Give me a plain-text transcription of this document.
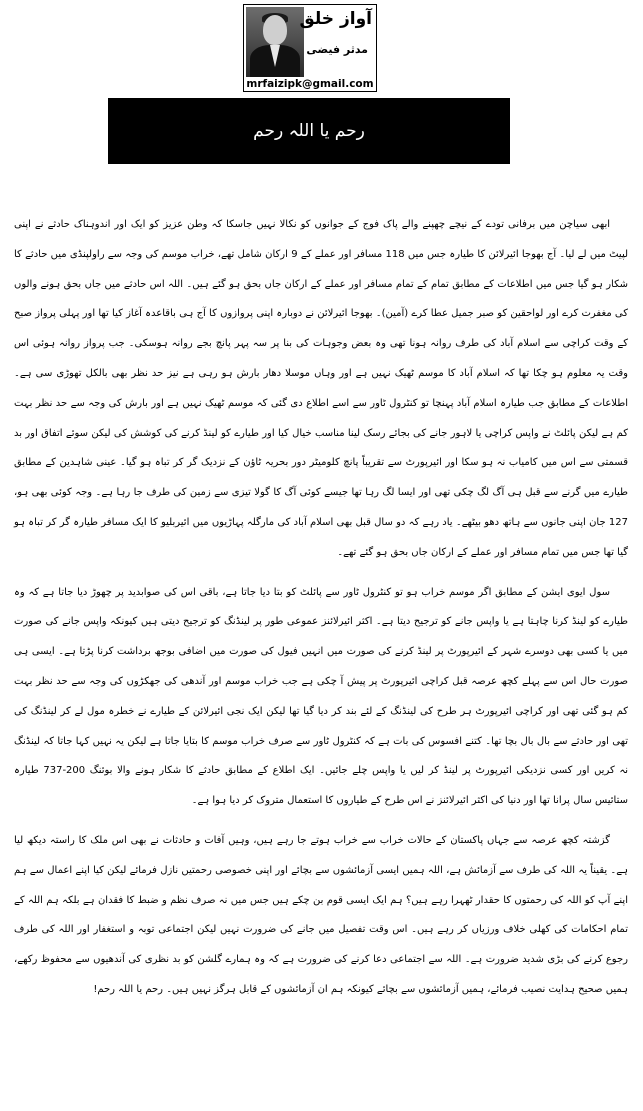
آواز خلق
مدثر فیضی
mrfaizipk@gmail.com
رحم یا اللہ رحم

ابھی سیاچن میں برفانی تودے کے نیچے چھپنے والے پاک فوج کے جوانوں کو نکالا نہیں جاسکا کہ وطن عزیز کو ایک اور اندوہناک حادثے نے اپنی لپیٹ میں لے لیا۔ آج بھوجا ائیرلائن کا طیارہ جس میں 118 مسافر اور عملے کے 9 ارکان شامل تھے، خراب موسم کی وجہ سے راولپنڈی میں حادثے کا شکار ہو گیا جس میں اطلاعات کے مطابق تمام کے تمام مسافر اور عملے کے ارکان جاں بحق ہو گئے ہیں۔ اللہ اس حادثے میں جاں بحق ہونے والوں کی مغفرت کرے اور لواحقین کو صبر جمیل عطا کرے (آمین)۔ بھوجا ائیرلائن نے دوبارہ اپنی پروازوں کا آج ہی باقاعدہ آغاز کیا تھا اور پہلی پرواز صبح کے وقت کراچی سے اسلام آباد کی طرف روانہ ہونا تھی وہ بعض وجوہات کی بنا پر سہ پہر پانچ بجے روانہ ہوسکی۔ جب پرواز روانہ ہوئی اس وقت یہ معلوم ہو چکا تھا کہ اسلام آباد کا موسم ٹھیک نہیں ہے اور وہاں موسلا دھار بارش ہو رہی ہے نیز حد نظر بھی بالکل تھوڑی سی ہے۔ اطلاعات کے مطابق جب طیارہ اسلام آباد پہنچا تو کنٹرول ٹاور سے اسے اطلاع دی گئی کہ موسم ٹھیک نہیں ہے اور بارش کی وجہ سے حد نظر بہت کم ہے لیکن پائلٹ نے واپس کراچی یا لاہور جانے کی بجائے رسک لینا مناسب خیال کیا اور طیارے کو لینڈ کرنے کی کوشش کی لیکن سوئے اتفاق اور بد قسمتی سے اس میں کامیاب نہ ہو سکا اور ائیرپورٹ سے تقریباً پانچ کلومیٹر دور بحریہ ٹاؤن کے نزدیک گر کر تباہ ہو گیا۔ عینی شاہدین کے مطابق طیارے میں گرنے سے قبل ہی آگ لگ چکی تھی اور ایسا لگ رہا تھا جیسے کوئی آگ کا گولا تیزی سے زمین کی طرف جا رہا ہے۔ وجہ کوئی بھی ہو، 127 جان اپنی جانوں سے ہاتھ دھو بیٹھے۔ یاد رہے کہ دو سال قبل بھی اسلام آباد کی مارگلہ پہاڑیوں میں ائیربلیو کا ایک مسافر طیارہ گر کر تباہ ہو گیا تھا جس میں تمام مسافر اور عملے کے ارکان جاں بحق ہو گئے تھے۔

سول ایوی ایشن کے مطابق اگر موسم خراب ہو تو کنٹرول ٹاور سے پائلٹ کو بتا دیا جاتا ہے، باقی اس کی صوابدید پر چھوڑ دیا جاتا ہے کہ وہ طیارے کو لینڈ کرنا چاہتا ہے یا واپس جانے کو ترجیح دیتا ہے۔ اکثر ائیرلائنز عموعی طور پر لینڈنگ کو ترجیح دیتی ہیں کیونکہ واپس جانے کی صورت میں یا کسی بھی دوسرے شہر کے ائیرپورٹ پر لینڈ کرنے کی صورت میں انہیں فیول کی صورت میں اضافی بوجھ برداشت کرنا پڑتا ہے۔ ایسی ہی صورت حال اس سے پہلے کچھ عرصہ قبل کراچی ائیرپورٹ پر پیش آ چکی ہے جب خراب موسم اور آندھی کی جھکڑوں کی وجہ سے حد نظر بہت کم ہو گئی تھی اور کراچی ائیرپورٹ ہر طرح کی لینڈنگ کے لئے بند کر دیا گیا تھا لیکن ایک نجی ائیرلائن کے طیارے نے خطرہ مول لے کر لینڈنگ کی تھی اور حادثے سے بال بال بچا تھا۔ کتنے افسوس کی بات ہے کہ کنٹرول ٹاور سے صرف خراب موسم کا بتایا جاتا ہے لیکن یہ نہیں کہا جاتا کہ لینڈنگ نہ کریں اور کسی نزدیکی ائیرپورٹ پر لینڈ کر لیں یا واپس چلے جائیں۔ ایک اطلاع کے مطابق حادثے کا شکار ہونے والا بوئنگ 200-737 طیارہ ستائیس سال پرانا تھا اور دنیا کی اکثر ائیرلائنز نے اس طرح کے طیاروں کا استعمال متروک کر دیا ہوا ہے۔

گزشتہ کچھ عرصہ سے جہاں پاکستان کے حالات خراب سے خراب ہوتے جا رہے ہیں، وہیں آفات و حادثات نے بھی اس ملک کا راستہ دیکھ لیا ہے۔ یقیناً یہ اللہ کی طرف سے آزمائش ہے، اللہ ہمیں ایسی آزمائشوں سے بچائے اور اپنی خصوصی رحمتیں نازل فرمائے لیکن کیا اپنے اعمال سے ہم اپنے آپ کو اللہ کی رحمتوں کا حقدار ٹھہرا رہے ہیں؟ ہم ایک ایسی قوم بن چکے ہیں جس میں نہ صرف نظم و ضبط کا فقدان ہے بلکہ ہم اللہ کے تمام احکامات کی کھلی خلاف ورزیاں کر رہے ہیں۔ اس وقت تفصیل میں جانے کی ضرورت نہیں لیکن اجتماعی توبہ و استغفار اور اللہ کی طرف رجوع کرنے کی بڑی شدید ضرورت ہے۔ اللہ سے اجتماعی دعا کرنے کی ضرورت ہے کہ وہ ہمارے گلشن کو بد نظری کی آندھیوں سے محفوظ رکھے، ہمیں صحیح ہدایت نصیب فرمائے، ہمیں آزمائشوں سے بچائے کیونکہ ہم ان آزمائشوں کے قابل ہرگز نہیں ہیں۔ رحم یا اللہ رحم!
